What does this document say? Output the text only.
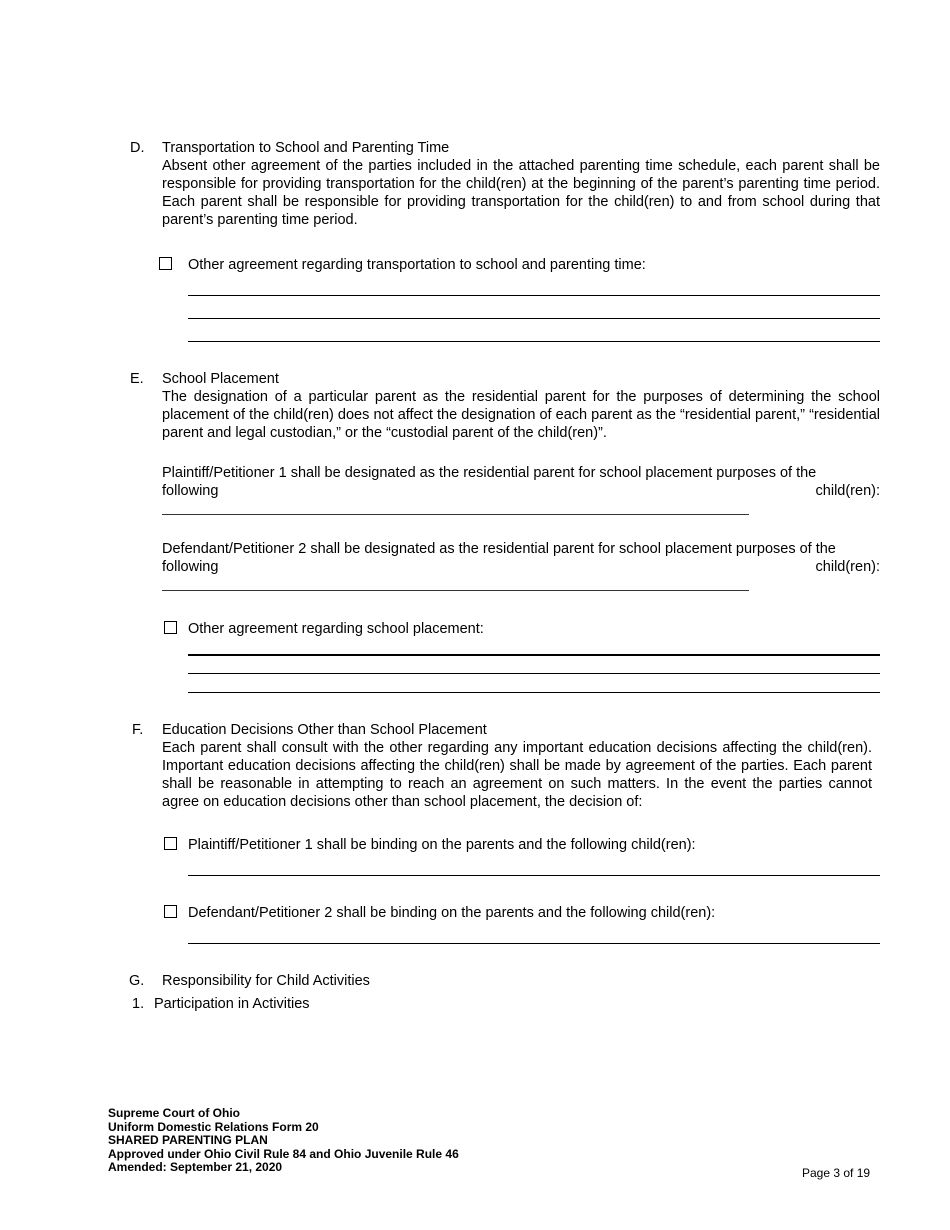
D.	Transportation to School and Parenting Time
Absent other agreement of the parties included in the attached parenting time schedule, each parent shall be responsible for providing transportation for the child(ren) at the beginning of the parent’s parenting time period. Each parent shall be responsible for providing transportation for the child(ren) to and from school during that parent’s parenting time period.
Other agreement regarding transportation to school and parenting time:
E.	School Placement
The designation of a particular parent as the residential parent for the purposes of determining the school placement of the child(ren) does not affect the designation of each parent as the “residential parent,” “residential parent and legal custodian,” or the “custodial parent of the child(ren)”.
Plaintiff/Petitioner 1 shall be designated as the residential parent for school placement purposes of the
following	child(ren):
Defendant/Petitioner 2 shall be designated as the residential parent for school placement purposes of the
following	child(ren):
Other agreement regarding school placement:
F.	Education Decisions Other than School Placement
Each parent shall consult with the other regarding any important education decisions affecting the child(ren). Important education decisions affecting the child(ren) shall be made by agreement of the parties. Each parent shall be reasonable in attempting to reach an agreement on such matters. In the event the parties cannot agree on education decisions other than school placement, the decision of:
Plaintiff/Petitioner 1 shall be binding on the parents and the following child(ren):
Defendant/Petitioner 2 shall be binding on the parents and the following child(ren):
G.	Responsibility for Child Activities
1. Participation in Activities
Supreme Court of Ohio
Uniform Domestic Relations Form 20
SHARED PARENTING PLAN
Approved under Ohio Civil Rule 84 and Ohio Juvenile Rule 46
Amended: September 21, 2020	Page 3 of 19
